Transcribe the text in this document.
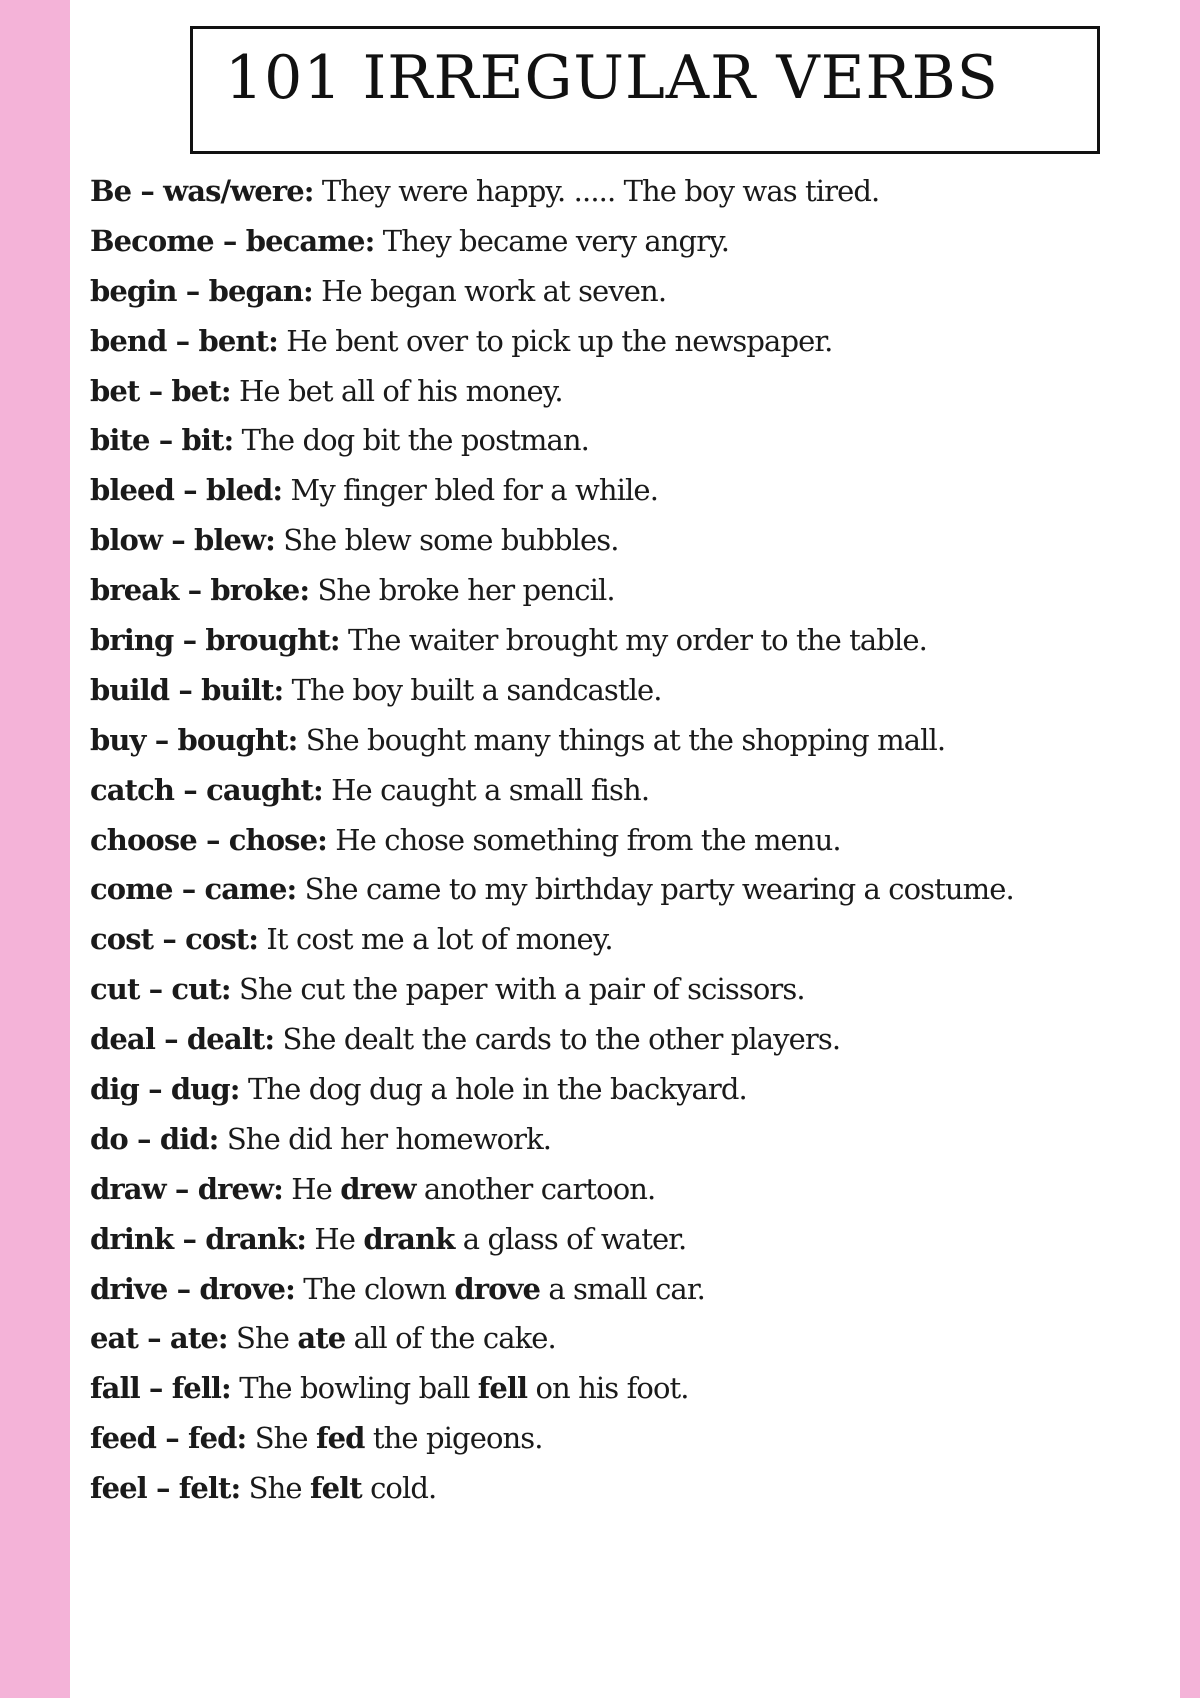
101 IRREGULAR VERBS
Be – was/were: They were happy. ..... The boy was tired.
Become – became: They became very angry.
begin – began: He began work at seven.
bend – bent: He bent over to pick up the newspaper.
bet – bet: He bet all of his money.
bite – bit: The dog bit the postman.
bleed – bled: My finger bled for a while.
blow – blew: She blew some bubbles.
break – broke: She broke her pencil.
bring – brought: The waiter brought my order to the table.
build – built: The boy built a sandcastle.
buy – bought: She bought many things at the shopping mall.
catch – caught: He caught a small fish.
choose – chose: He chose something from the menu.
come – came: She came to my birthday party wearing a costume.
cost – cost: It cost me a lot of money.
cut – cut: She cut the paper with a pair of scissors.
deal – dealt: She dealt the cards to the other players.
dig – dug: The dog dug a hole in the backyard.
do – did: She did her homework.
draw – drew: He drew another cartoon.
drink – drank: He drank a glass of water.
drive – drove: The clown drove a small car.
eat – ate: She ate all of the cake.
fall – fell: The bowling ball fell on his foot.
feed – fed: She fed the pigeons.
feel – felt: She felt cold.
